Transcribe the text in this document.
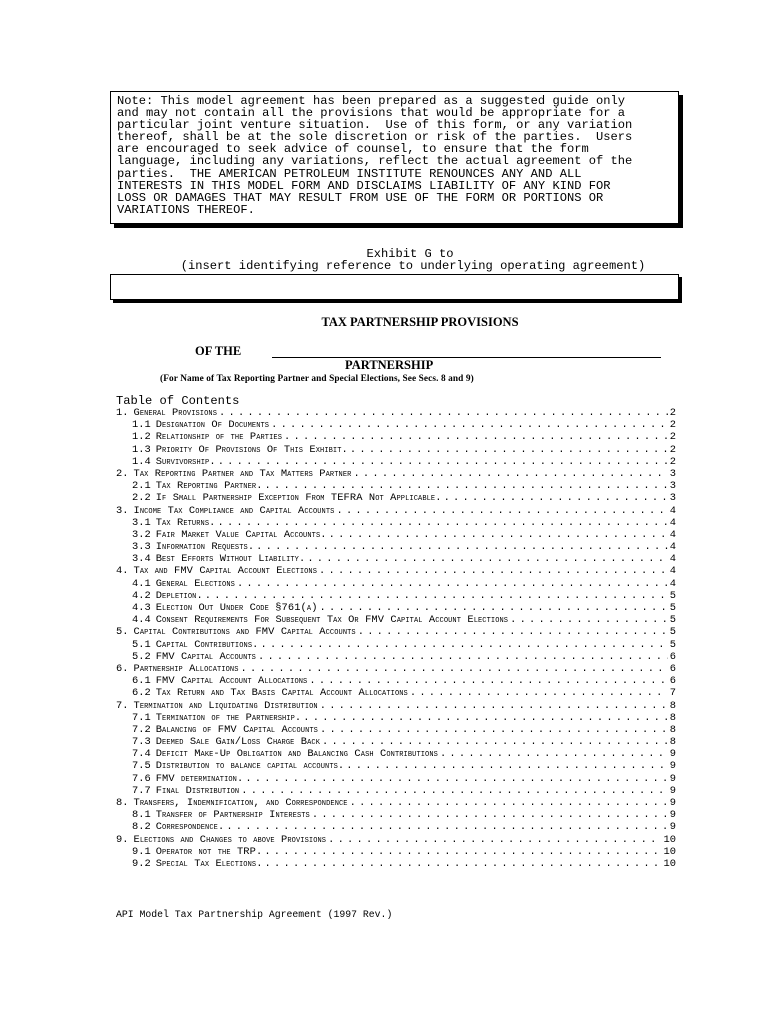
Note: This model agreement has been prepared as a suggested guide only
and may not contain all the provisions that would be appropriate for a
particular joint venture situation.  Use of this form, or any variation
thereof, shall be at the sole discretion or risk of the parties.  Users
are encouraged to seek advice of counsel, to ensure that the form
language, including any variations, reflect the actual agreement of the
parties.  THE AMERICAN PETROLEUM INSTITUTE RENOUNCES ANY AND ALL
INTERESTS IN THIS MODEL FORM AND DISCLAIMS LIABILITY OF ANY KIND FOR
LOSS OR DAMAGES THAT MAY RESULT FROM USE OF THE FORM OR PORTIONS OR
VARIATIONS THEREOF.
Exhibit G to
(insert identifying reference to underlying operating agreement)
TAX PARTNERSHIP PROVISIONS
OF THE
PARTNERSHIP
(For Name of Tax Reporting Partner and Special Elections, See Secs. 8 and 9)
Table of Contents
1. General Provisions . . .	2
1.1 Designation Of Documents . . .	2
1.2 Relationship of the Parties . . .	2
1.3 Priority Of Provisions Of This Exhibit. . . .	2
1.4 Survivorship. . . .	2
2. Tax Reporting Partner and Tax Matters Partner . . .	3
2.1 Tax Reporting Partner. . . .	3
2.2 If Small Partnership Exception From TEFRA Not Applicable. . . .	3
3. Income Tax Compliance and Capital Accounts . . .	4
3.1 Tax Returns. . . .	4
3.2 Fair Market Value Capital Accounts. . . .	4
3.3 Information Requests. . . .	4
3.4 Best Efforts Without Liability. . . .	4
4. Tax and FMV Capital Account Elections . . .	4
4.1 General Elections . . .	4
4.2 Depletion. . . .	5
4.3 Election Out Under Code §761(a) . . .	5
4.4 Consent Requirements For Subsequent Tax Or FMV Capital Account Elections . . .	5
5. Capital Contributions and FMV Capital Accounts . . .	5
5.1 Capital Contributions. . . .	5
5.2 FMV Capital Accounts . . .	6
6. Partnership Allocations . . .	6
6.1 FMV Capital Account Allocations . . .	6
6.2 Tax Return and Tax Basis Capital Account Allocations . . .	7
7. Termination and Liquidating Distribution . . .	8
7.1 Termination of the Partnership. . . .	8
7.2 Balancing of FMV Capital Accounts . . .	8
7.3 Deemed Sale Gain/Loss Charge Back . . .	8
7.4 Deficit Make-Up Obligation and Balancing Cash Contributions . . .	9
7.5 Distribution to balance capital accounts. . . .	9
7.6 FMV determination. . . .	9
7.7 Final Distribution . . .	9
8. Transfers, Indemnification, and Correspondence . . .	9
8.1 Transfer of Partnership Interests . . .	9
8.2 Correspondence. . . .	9
9. Elections and Changes to above Provisions . . .	10
9.1 Operator not the TRP. . . .	10
9.2 Special Tax Elections. . . .	10
API Model Tax Partnership Agreement (1997 Rev.)
